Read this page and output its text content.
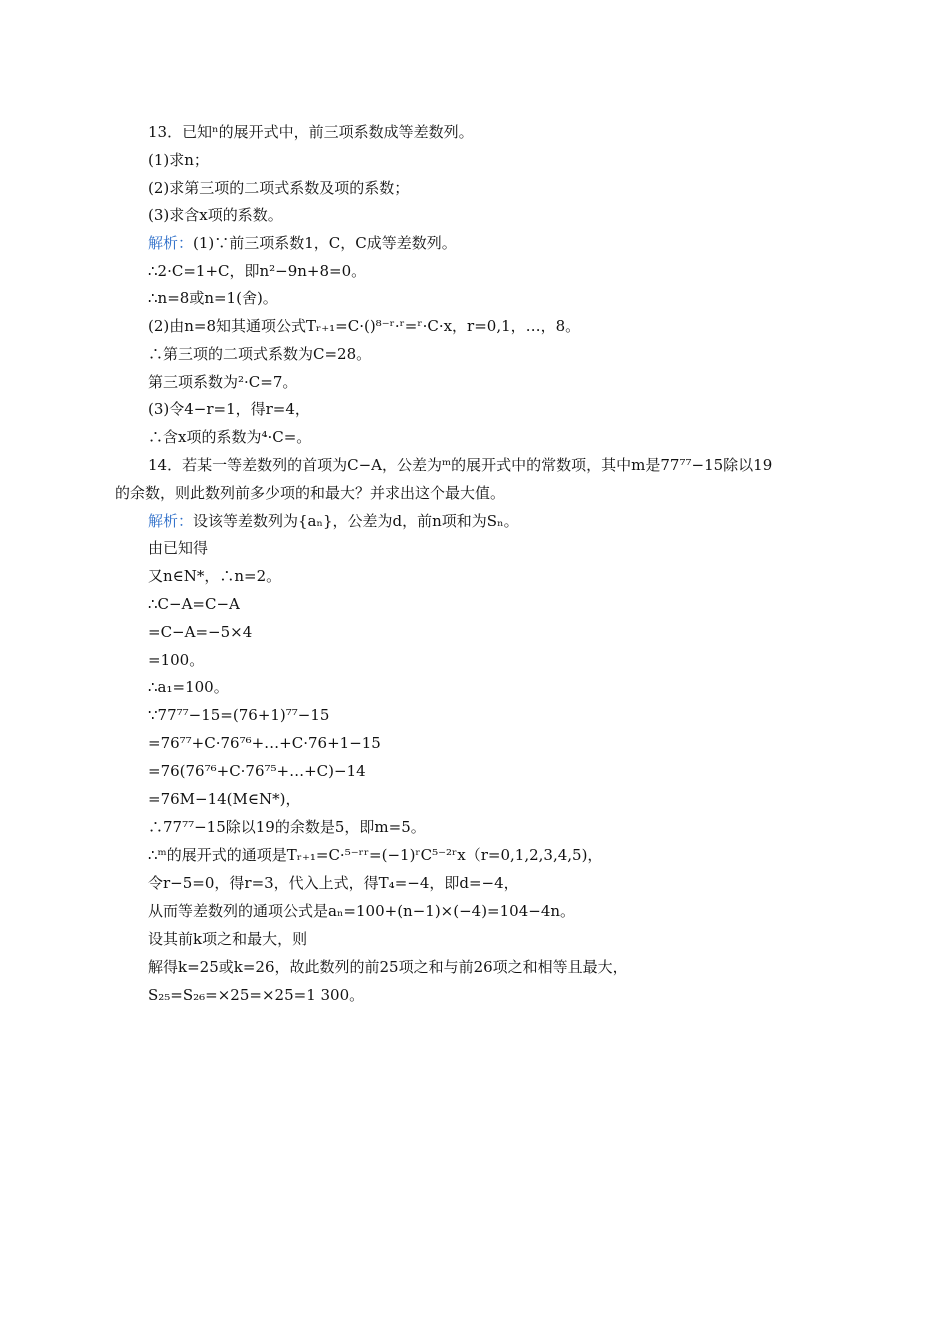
13．已知ⁿ的展开式中，前三项系数成等差数列。
(1)求n；
(2)求第三项的二项式系数及项的系数；
(3)求含x项的系数。
解析：(1)∵前三项系数1，C，C成等差数列。
∴2·C=1+C，即n²−9n+8=0。
∴n=8或n=1(舍)。
(2)由n=8知其通项公式Tᵣ₊₁=C·()⁸⁻ʳ·ʳ=ʳ·C·x，r=0,1，…，8。
∴第三项的二项式系数为C=28。
第三项系数为²·C=7。
(3)令4−r=1，得r=4，
∴含x项的系数为⁴·C=。
14．若某一等差数列的首项为C−A，公差为ᵐ的展开式中的常数项，其中m是77⁷⁷−15除以19
的余数，则此数列前多少项的和最大？并求出这个最大值。
解析：设该等差数列为{aₙ}，公差为d，前n项和为Sₙ。
由已知得
又n∈N*，∴n=2。
∴C−A=C−A
=C−A=−5×4
=100。
∴a₁=100。
∵77⁷⁷−15=(76+1)⁷⁷−15
=76⁷⁷+C·76⁷⁶+…+C·76+1−15
=76(76⁷⁶+C·76⁷⁵+…+C)−14
=76M−14(M∈N*)，
∴77⁷⁷−15除以19的余数是5，即m=5。
∴ᵐ的展开式的通项是Tᵣ₊₁=C·⁵⁻ʳʳ=(−1)ʳC⁵⁻²ʳx（r=0,1,2,3,4,5)，
令r−5=0，得r=3，代入上式，得T₄=−4，即d=−4，
从而等差数列的通项公式是aₙ=100+(n−1)×(−4)=104−4n。
设其前k项之和最大，则
解得k=25或k=26，故此数列的前25项之和与前26项之和相等且最大，
S₂₅=S₂₆=×25=×25=1 300。
